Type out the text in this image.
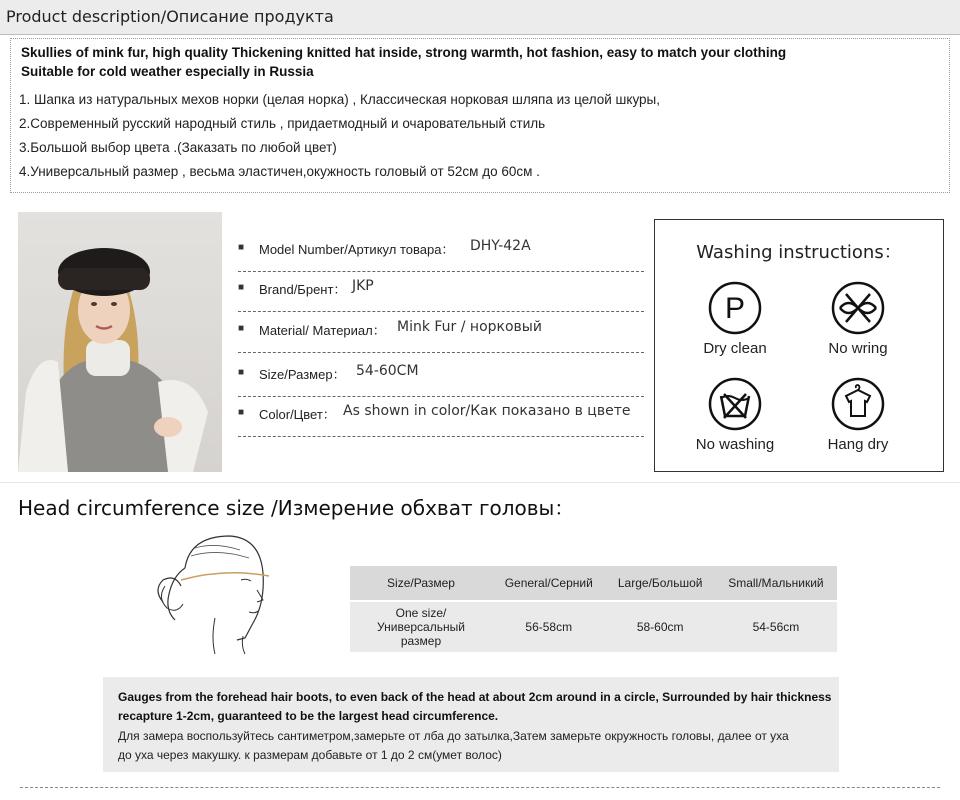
Product description/Описание продукта
Skullies of mink fur, high quality Thickening knitted hat inside, strong warmth, hot fashion, easy to match your clothing
Suitable for cold weather especially in Russia
1. Шапка из натуральных мехов норки (целая норка) , Классическая норковая шляпа из целой шкуры,
2.Современный русский народный стиль , придаетмодный и очаровательный стиль
3.Большой выбор цвета .(Заказать по любой цвет)
4.Универсальный размер , весьма эластичен,окужность головый от 52см до 60см .
■ Model Number/Артикул товара： DHY-42A
■ Brand/Брент： JKP
■ Material/ Материал： Mink Fur / норковый
■ Size/Размер： 54-60CM
■ Color/Цвет： As shown in color/Как показано в цвете
Washing instructions：
P
Dry clean	No wring
No washing	Hang dry
Head circumference size /Измерение обхват головы：
Size/Размер	General/Серний	Large/Большой	Small/Мальникий
One size/ Универсальный размер	56-58cm	58-60cm	54-56cm
Gauges from the forehead hair boots, to even back of the head at about 2cm around in a circle, Surrounded by hair thickness
recapture 1-2cm, guaranteed to be the largest head circumference.
Для замера воспользуйтесь сантиметром,замерьте от лба до затылка,Затем замерьте окружность головы, далее от уха
до уха через макушку. к размерам добавьте от 1 до 2 см(умет волос)
